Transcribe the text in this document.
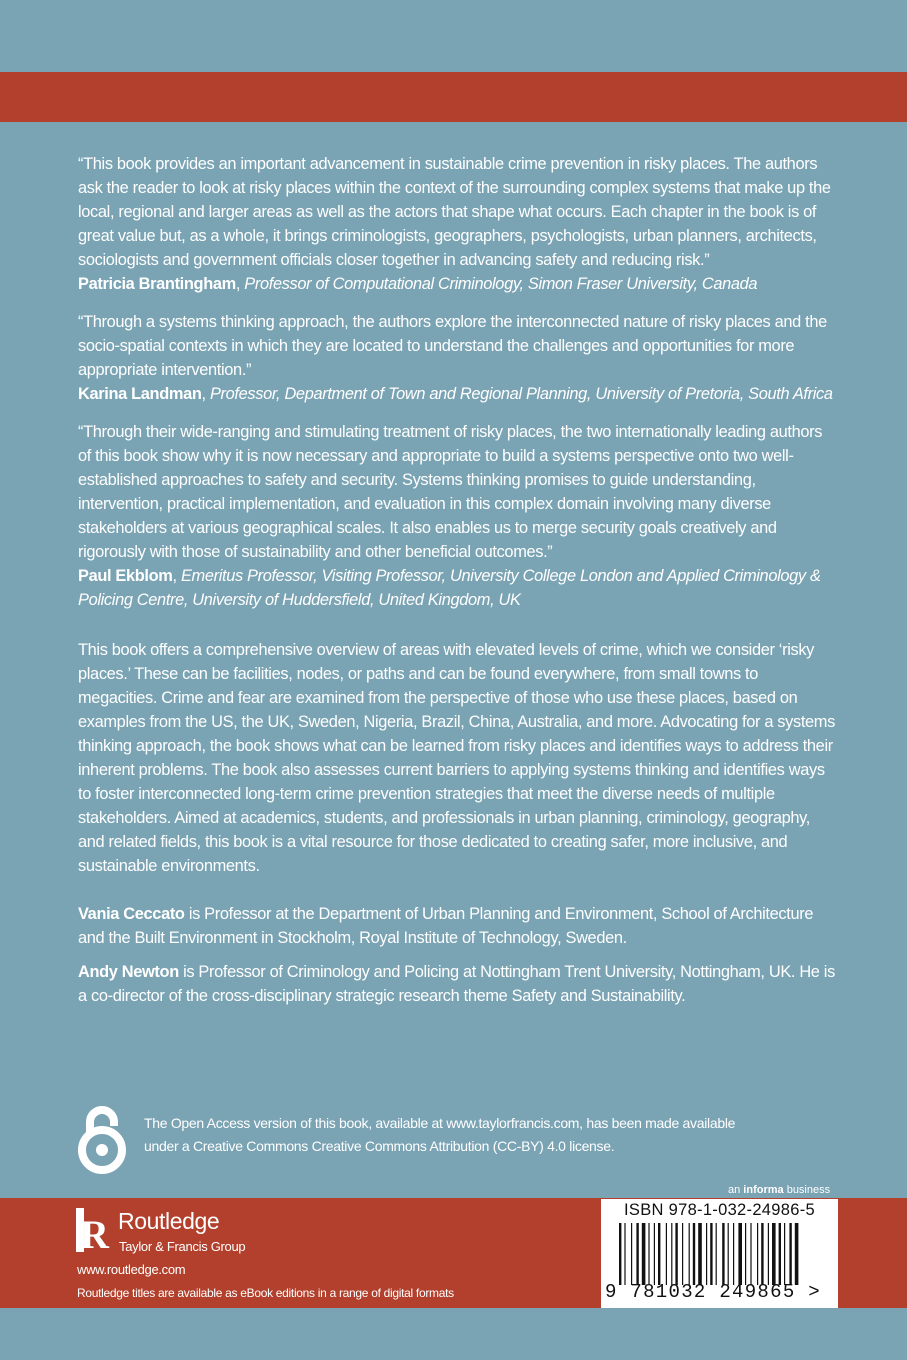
“This book provides an important advancement in sustainable crime prevention in risky places. The authors ask the reader to look at risky places within the context of the surrounding complex systems that make up the local, regional and larger areas as well as the actors that shape what occurs. Each chapter in the book is of great value but, as a whole, it brings criminologists, geographers, psychologists, urban planners, architects, sociologists and government officials closer together in advancing safety and reducing risk.”

Patricia Brantingham, Professor of Computational Criminology, Simon Fraser University, Canada

“Through a systems thinking approach, the authors explore the interconnected nature of risky places and the socio-spatial contexts in which they are located to understand the challenges and opportunities for more appropriate intervention.”

Karina Landman, Professor, Department of Town and Regional Planning, University of Pretoria, South Africa

“Through their wide-ranging and stimulating treatment of risky places, the two internationally leading authors of this book show why it is now necessary and appropriate to build a systems perspective onto two well-established approaches to safety and security. Systems thinking promises to guide understanding, intervention, practical implementation, and evaluation in this complex domain involving many diverse stakeholders at various geographical scales. It also enables us to merge security goals creatively and rigorously with those of sustainability and other beneficial outcomes.”

Paul Ekblom, Emeritus Professor, Visiting Professor, University College London and Applied Criminology & Policing Centre, University of Huddersfield, United Kingdom, UK

This book offers a comprehensive overview of areas with elevated levels of crime, which we consider ‘risky places.’ These can be facilities, nodes, or paths and can be found everywhere, from small towns to megacities. Crime and fear are examined from the perspective of those who use these places, based on examples from the US, the UK, Sweden, Nigeria, Brazil, China, Australia, and more. Advocating for a systems thinking approach, the book shows what can be learned from risky places and identifies ways to address their inherent problems. The book also assesses current barriers to applying systems thinking and identifies ways to foster interconnected long-term crime prevention strategies that meet the diverse needs of multiple stakeholders. Aimed at academics, students, and professionals in urban planning, criminology, geography, and related fields, this book is a vital resource for those dedicated to creating safer, more inclusive, and sustainable environments.

Vania Ceccato is Professor at the Department of Urban Planning and Environment, School of Architecture and the Built Environment in Stockholm, Royal Institute of Technology, Sweden.

Andy Newton is Professor of Criminology and Policing at Nottingham Trent University, Nottingham, UK. He is a co-director of the cross-disciplinary strategic research theme Safety and Sustainability.

The Open Access version of this book, available at www.taylorfrancis.com, has been made available under a Creative Commons Creative Commons Attribution (CC-BY) 4.0 license.
an informa business
R Routledge
Taylor & Francis Group
www.routledge.com
Routledge titles are available as eBook editions in a range of digital formats
ISBN 978-1-032-24986-5
9 781032 249865 >
